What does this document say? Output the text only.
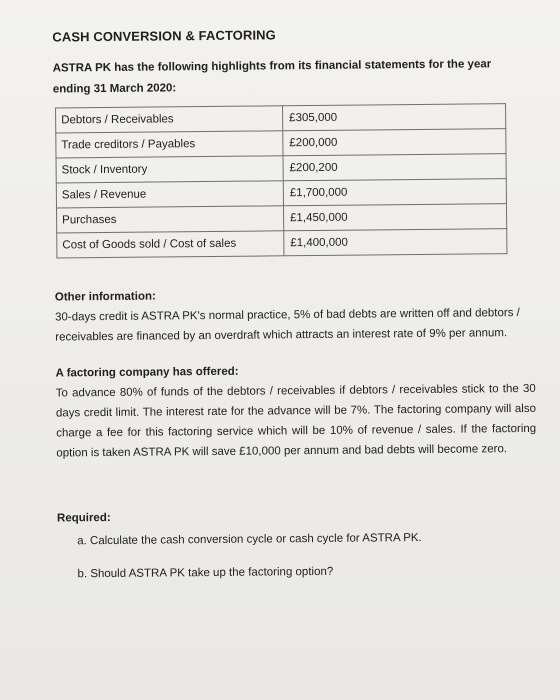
CASH CONVERSION & FACTORING
ASTRA PK has the following highlights from its financial statements for the year ending 31 March 2020:
Debtors / Receivables	£305,000
Trade creditors / Payables	£200,000
Stock / Inventory	£200,200
Sales / Revenue	£1,700,000
Purchases	£1,450,000
Cost of Goods sold / Cost of sales	£1,400,000
Other information:
30-days credit is ASTRA PK's normal practice, 5% of bad debts are written off and debtors / receivables are financed by an overdraft which attracts an interest rate of 9% per annum.
A factoring company has offered:
To advance 80% of funds of the debtors / receivables if debtors / receivables stick to the 30 days credit limit. The interest rate for the advance will be 7%. The factoring company will also charge a fee for this factoring service which will be 10% of revenue / sales. If the factoring option is taken ASTRA PK will save £10,000 per annum and bad debts will become zero.
Required:
a. Calculate the cash conversion cycle or cash cycle for ASTRA PK.
b. Should ASTRA PK take up the factoring option?
